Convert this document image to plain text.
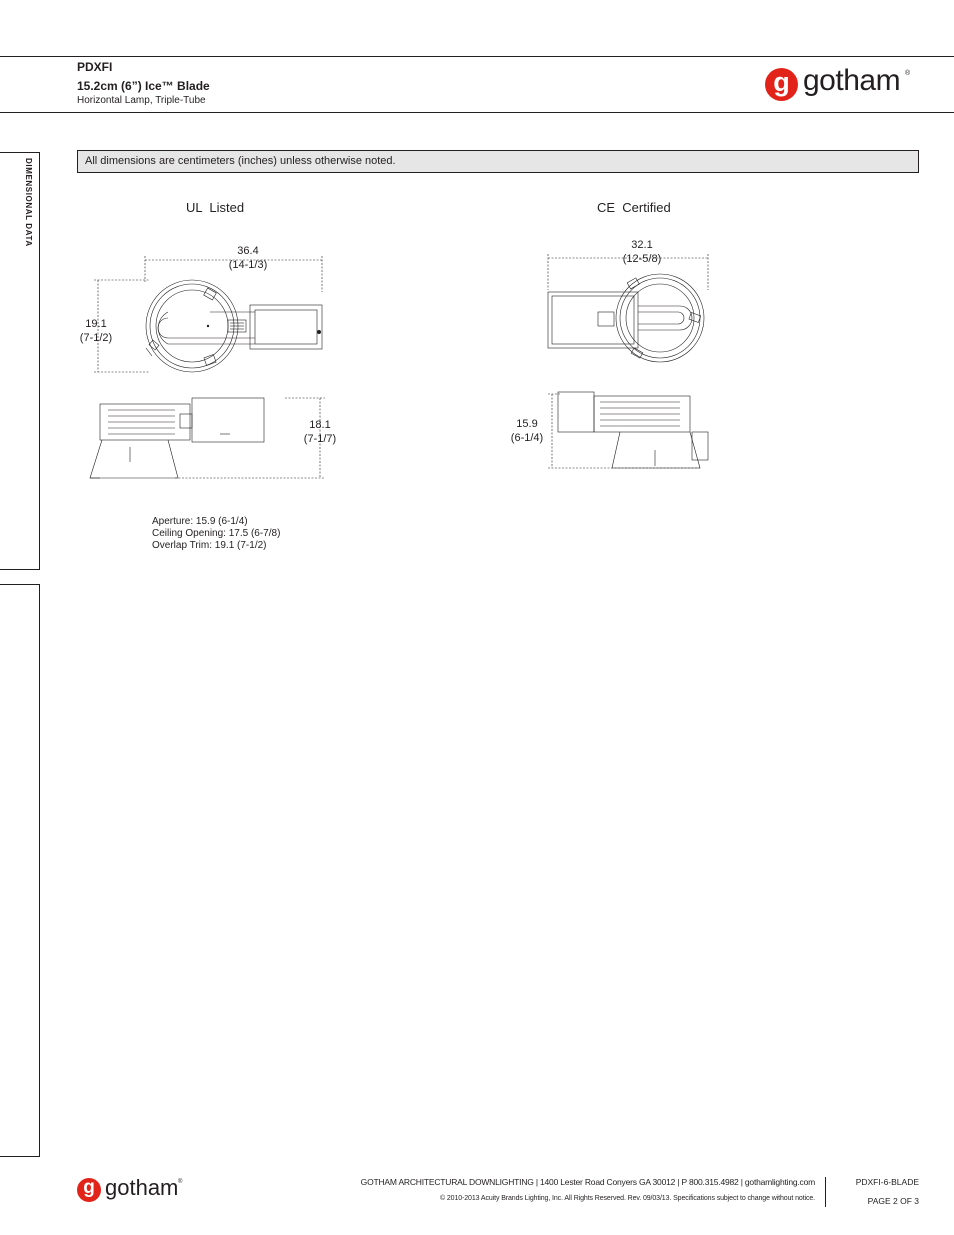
PDXFI
15.2cm (6”) Ice™ Blade
Horizontal Lamp, Triple-Tube
g gotham ®
DIMENSIONAL DATA	All dimensions are centimeters (inches) unless otherwise noted.
UL  Listed
36.4
(14-1/3)
19.1
(7-1/2)
18.1
(7-1/7)
CE  Certified
32.1
(12-5/8)
15.9
(6-1/4)
Aperture: 15.9 (6-1/4)
Ceiling Opening: 17.5 (6-7/8)
Overlap Trim: 19.1 (7-1/2)
g gotham ®	GOTHAM ARCHITECTURAL DOWNLIGHTING | 1400 Lester Road Conyers GA 30012 | P 800.315.4982 | gothamlighting.com
© 2010-2013 Acuity Brands Lighting, Inc. All Rights Reserved. Rev. 09/03/13. Specifications subject to change without notice.
PDXFI-6-BLADE
PAGE 2 OF 3
